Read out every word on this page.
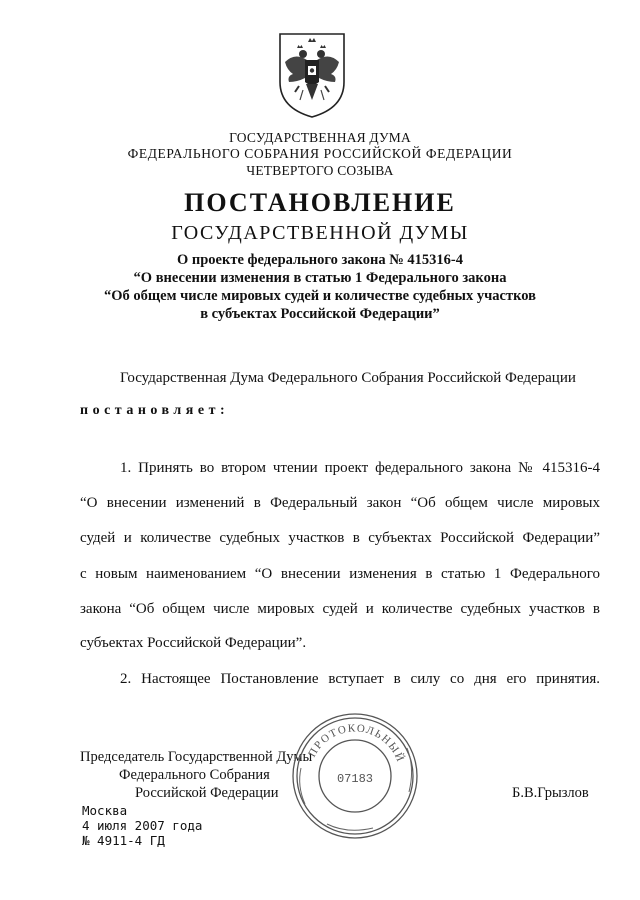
ГОСУДАРСТВЕННАЯ ДУМА
ФЕДЕРАЛЬНОГО СОБРАНИЯ РОССИЙСКОЙ ФЕДЕРАЦИИ
ЧЕТВЕРТОГО СОЗЫВА
ПОСТАНОВЛЕНИЕ
ГОСУДАРСТВЕННОЙ ДУМЫ
О проекте федерального закона № 415316-4
“О внесении изменения в статью 1 Федерального закона
“Об общем числе мировых судей и количестве судебных участков
в субъектах Российской Федерации”
Государственная Дума Федерального Собрания Российской Федерации
постановляет:
1. Принять во втором чтении проект федерального закона № 415316-4
“О внесении изменений в Федеральный закон “Об общем числе мировых
судей и количестве судебных участков в субъектах Российской Федерации”
с новым наименованием “О внесении изменения в статью 1 Федерального
закона “Об общем числе мировых судей и количестве судебных участков в
субъектах Российской Федерации”.
2. Настоящее Постановление вступает в силу со дня его принятия.
Председатель Государственной Думы
Федерального Собрания
Российской Федерации	Б.В.Грызлов
ПРОТОКОЛЬНЫЙ
07183
Москва
4 июля 2007 года
№ 4911-4 ГД
